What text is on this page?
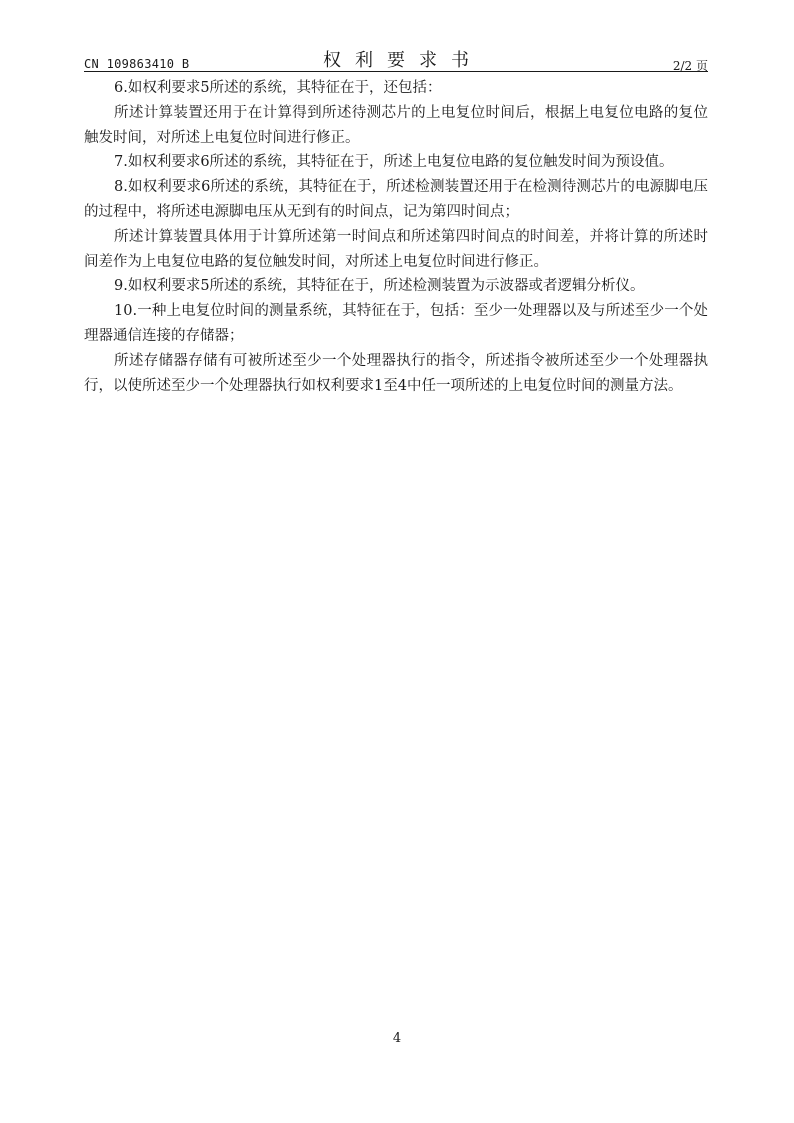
CN 109863410 B	权利要求书	2/2 页

6.如权利要求5所述的系统，其特征在于，还包括：

所述计算装置还用于在计算得到所述待测芯片的上电复位时间后，根据上电复位电路的复位触发时间，对所述上电复位时间进行修正。

7.如权利要求6所述的系统，其特征在于，所述上电复位电路的复位触发时间为预设值。

8.如权利要求6所述的系统，其特征在于，所述检测装置还用于在检测待测芯片的电源脚电压的过程中，将所述电源脚电压从无到有的时间点，记为第四时间点；

所述计算装置具体用于计算所述第一时间点和所述第四时间点的时间差，并将计算的所述时间差作为上电复位电路的复位触发时间，对所述上电复位时间进行修正。

9.如权利要求5所述的系统，其特征在于，所述检测装置为示波器或者逻辑分析仪。

10.一种上电复位时间的测量系统，其特征在于，包括：至少一处理器以及与所述至少一个处理器通信连接的存储器；

所述存储器存储有可被所述至少一个处理器执行的指令，所述指令被所述至少一个处理器执行，以使所述至少一个处理器执行如权利要求1至4中任一项所述的上电复位时间的测量方法。

4
